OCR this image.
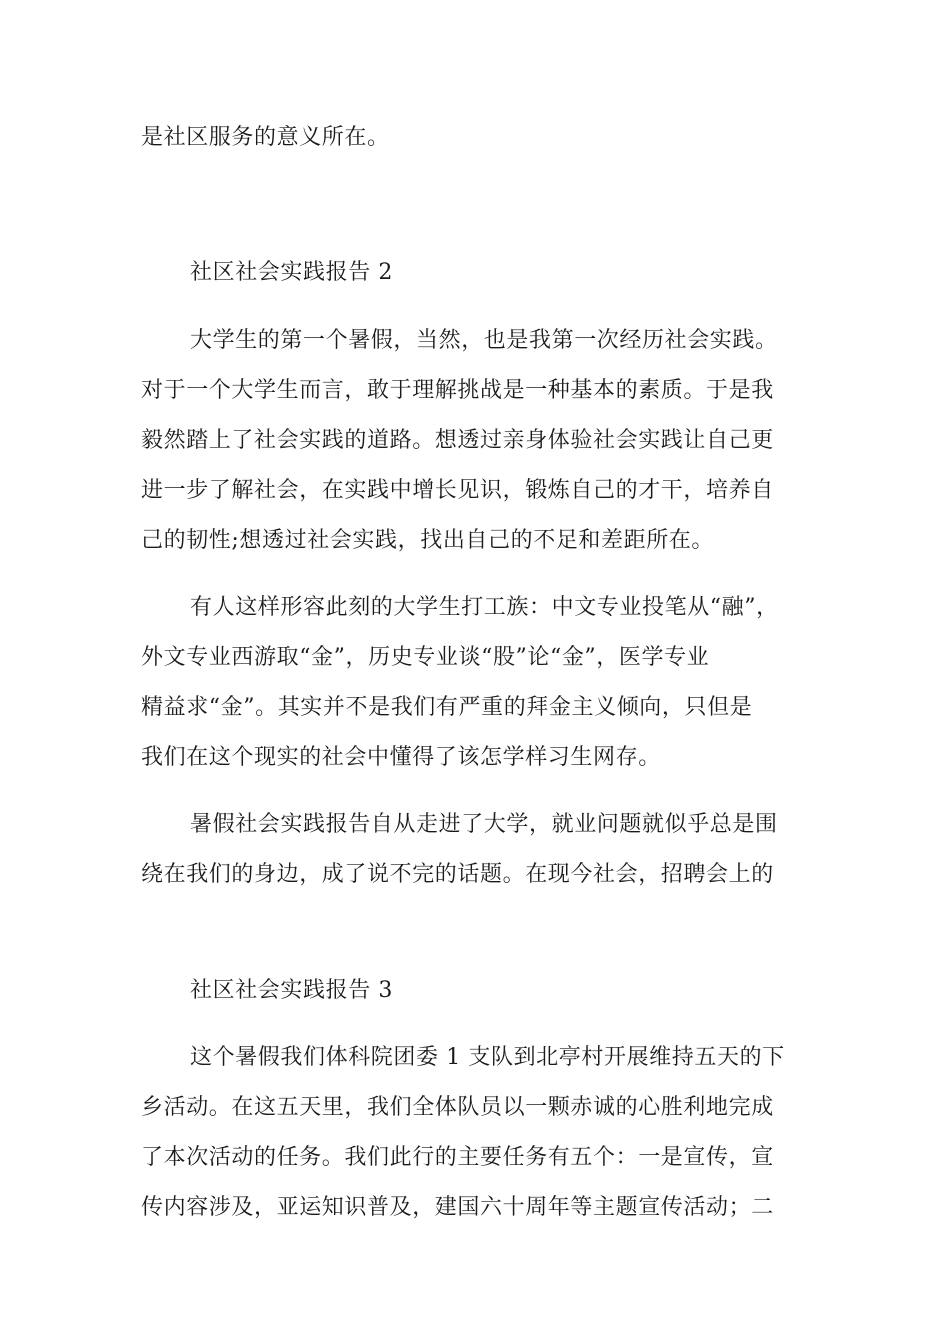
是社区服务的意义所在。
社区社会实践报告 2
大学生的第一个暑假，当然，也是我第一次经历社会实践。
对于一个大学生而言，敢于理解挑战是一种基本的素质。于是我
毅然踏上了社会实践的道路。想透过亲身体验社会实践让自己更
进一步了解社会，在实践中增长见识，锻炼自己的才干，培养自
己的韧性;想透过社会实践，找出自己的不足和差距所在。
有人这样形容此刻的大学生打工族：中文专业投笔从“融”，
外文专业西游取“金”，历史专业谈“股”论“金”，医学专业
精益求“金”。其实并不是我们有严重的拜金主义倾向，只但是
我们在这个现实的社会中懂得了该怎学样习生网存。
暑假社会实践报告自从走进了大学，就业问题就似乎总是围
绕在我们的身边，成了说不完的话题。在现今社会，招聘会上的
社区社会实践报告 3
这个暑假我们体科院团委 1 支队到北亭村开展维持五天的下
乡活动。在这五天里，我们全体队员以一颗赤诚的心胜利地完成
了本次活动的任务。我们此行的主要任务有五个：一是宣传，宣
传内容涉及，亚运知识普及，建国六十周年等主题宣传活动；二
